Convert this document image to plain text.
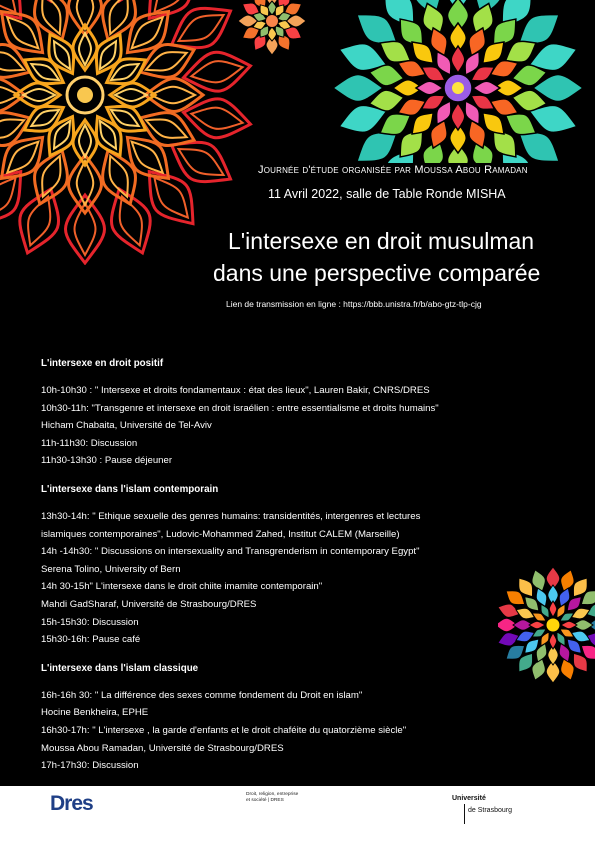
Journée d'étude organisée par Moussa Abou Ramadan
11 Avril 2022, salle de Table Ronde MISHA
L'intersexe en droit musulman
dans une perspective comparée
Lien de transmission en ligne : https://bbb.unistra.fr/b/abo-gtz-tlp-cjg
L'intersexe en droit positif
10h-10h30 : " Intersexe et droits fondamentaux : état des lieux", Lauren Bakir, CNRS/DRES
10h30-11h: "Transgenre et intersexe en droit israélien : entre essentialisme et droits humains"
Hicham Chabaita, Université de Tel-Aviv
11h-11h30: Discussion
11h30-13h30 : Pause déjeuner
L'intersexe dans l'islam contemporain
13h30-14h: " Ethique sexuelle des genres humains: transidentités, intergenres et lectures
islamiques contemporaines", Ludovic-Mohammed Zahed, Institut CALEM (Marseille)
14h -14h30: " Discussions on intersexuality and Transgrenderism in contemporary Egypt"
Serena Tolino, University of Bern
14h 30-15h" L'intersexe dans le droit chiite imamite contemporain"
Mahdi GadSharaf, Université de Strasbourg/DRES
15h-15h30: Discussion
15h30-16h: Pause café
L'intersexe dans l'islam classique
16h-16h 30: " La différence des sexes comme fondement du Droit en islam"
Hocine Benkheira, EPHE
16h30-17h: " L'intersexe , la garde d'enfants et le droit chaféite du quatorzième siècle"
Moussa Abou Ramadan, Université de Strasbourg/DRES
17h-17h30: Discussion
Dres	Droit, religion, entreprise
et société | DRES	Université
de Strasbourg
